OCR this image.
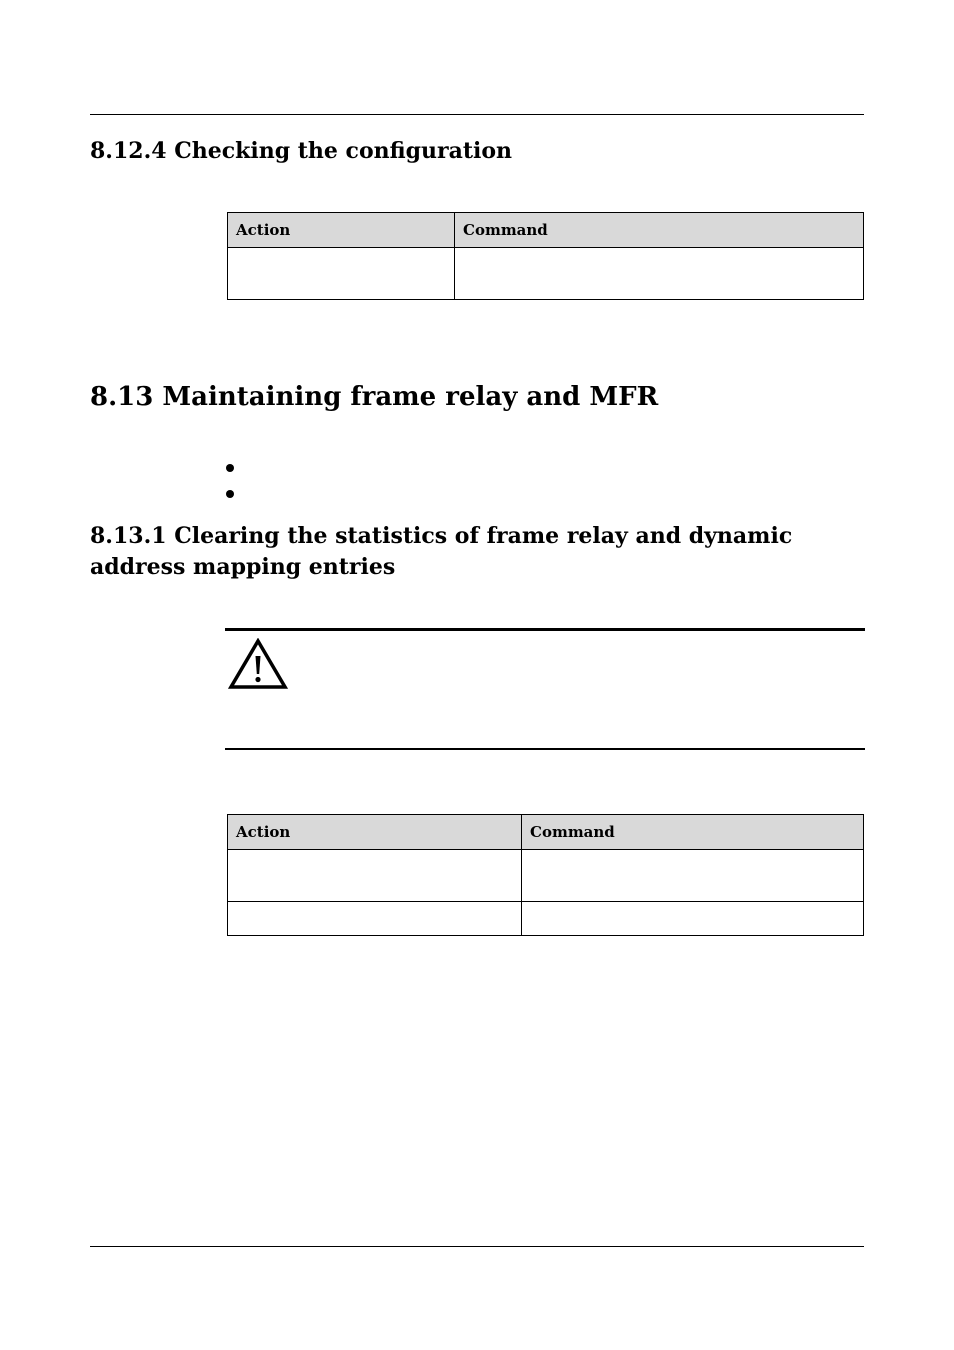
8.12.4 Checking the configuration
Action	Command

8.13 Maintaining frame relay and MFR
8.13.1 Clearing the statistics of frame relay and dynamic address mapping entries
Action	Command
